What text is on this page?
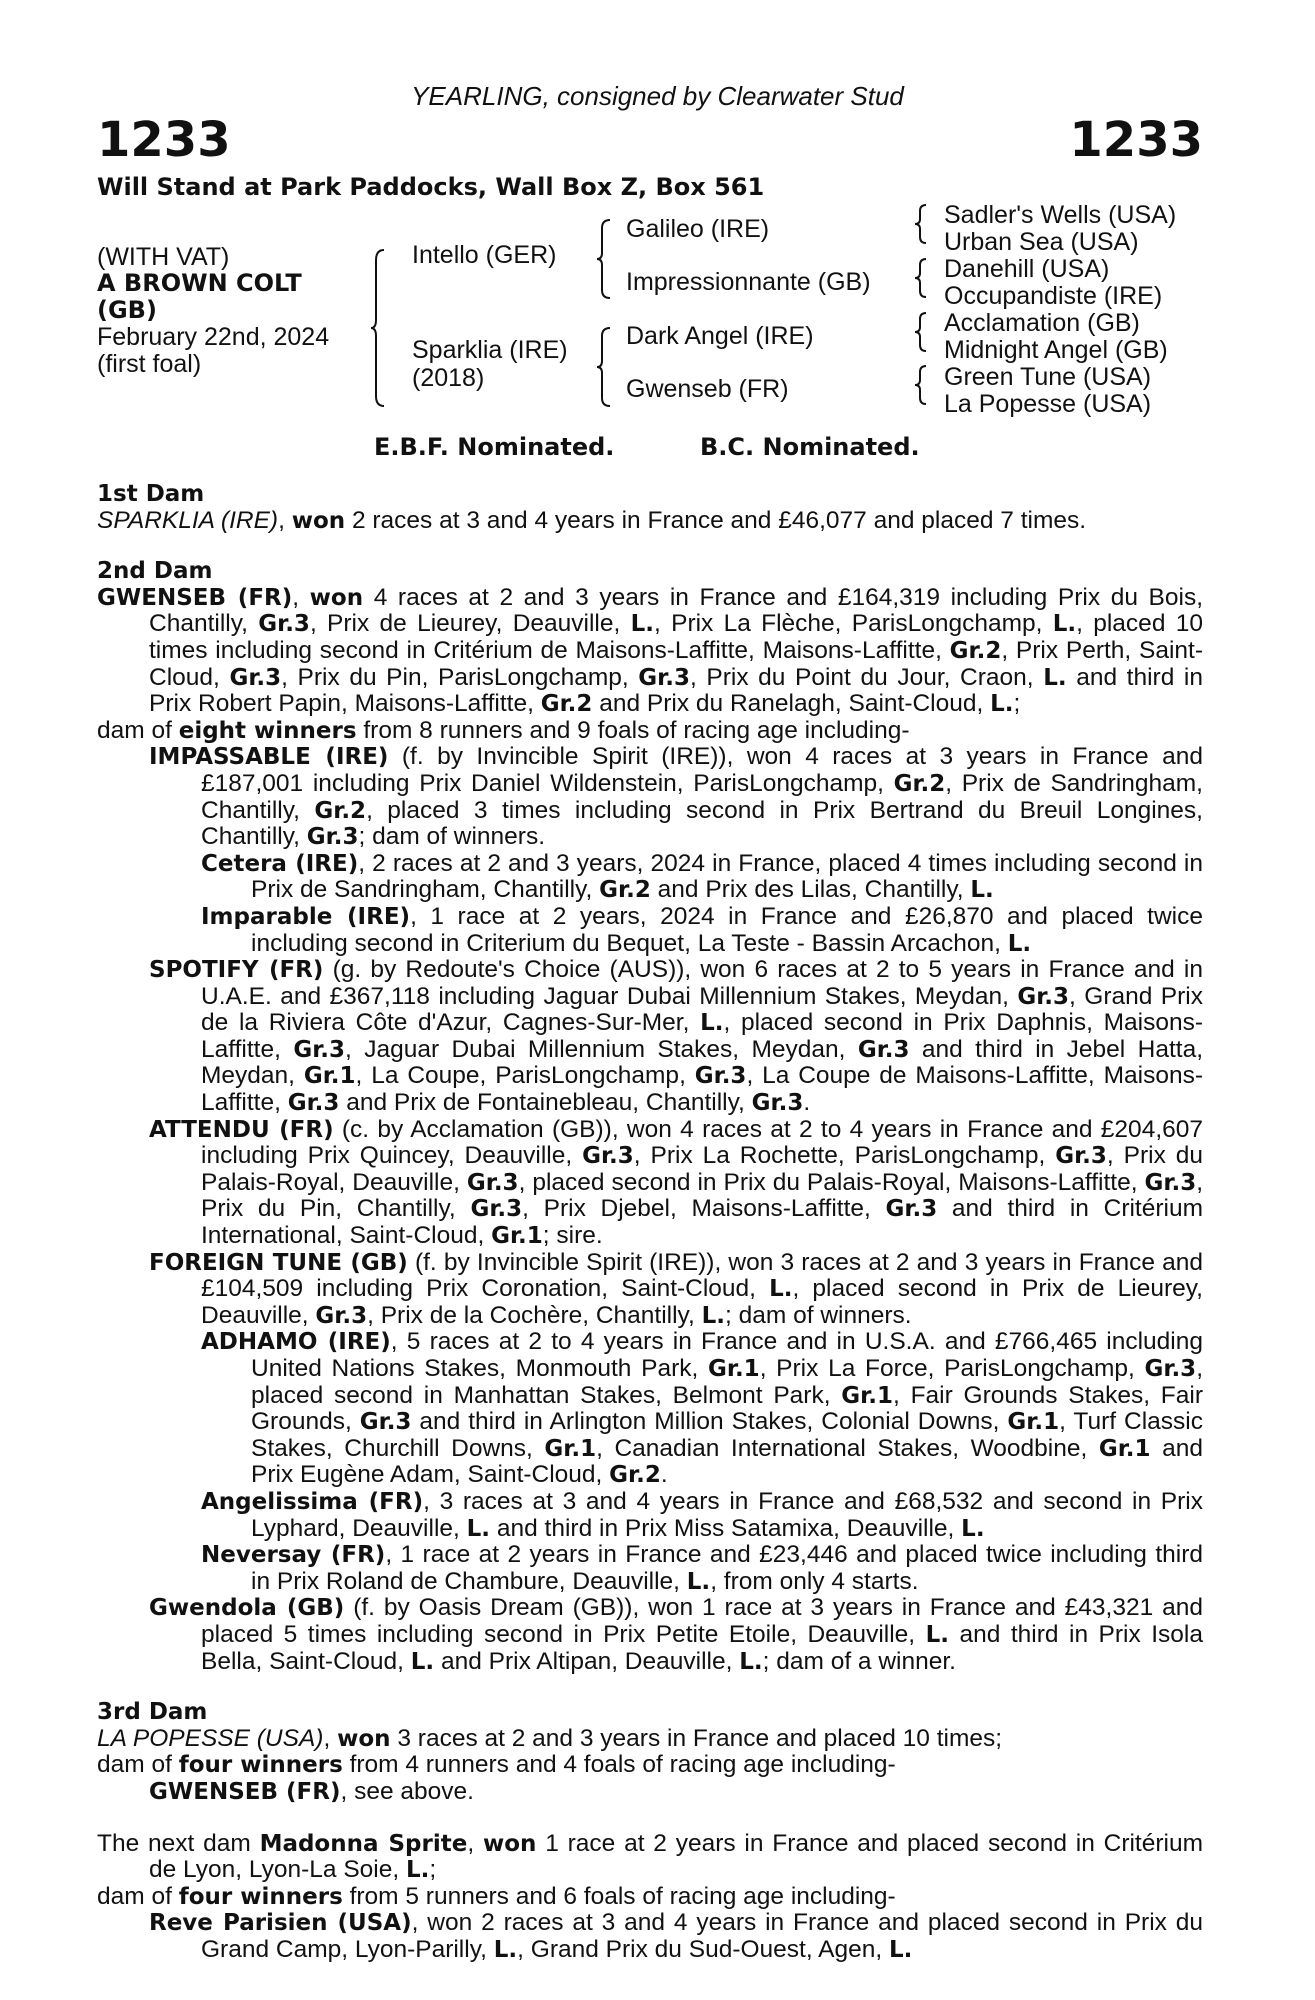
YEARLING, consigned by Clearwater Stud
1233	1233
Will Stand at Park Paddocks, Wall Box Z, Box 561
(WITH VAT)
A BROWN COLT
(GB)
February 22nd, 2024
(first foal)
Intello (GER)
Sparklia (IRE)
(2018)
Galileo (IRE)
Impressionnante (GB)
Dark Angel (IRE)
Gwenseb (FR)
Sadler's Wells (USA)
Urban Sea (USA)
Danehill (USA)
Occupandiste (IRE)
Acclamation (GB)
Midnight Angel (GB)
Green Tune (USA)
La Popesse (USA)
E.B.F. Nominated.	B.C. Nominated.
1st Dam
SPARKLIA (IRE), won 2 races at 3 and 4 years in France and £46,077 and placed 7 times.
2nd Dam
GWENSEB (FR), won 4 races at 2 and 3 years in France and £164,319 including Prix du Bois, Chantilly, Gr.3, Prix de Lieurey, Deauville, L., Prix La Flèche, ParisLongchamp, L., placed 10 times including second in Critérium de Maisons-Laffitte, Maisons-Laffitte, Gr.2, Prix Perth, Saint-Cloud, Gr.3, Prix du Pin, ParisLongchamp, Gr.3, Prix du Point du Jour, Craon, L. and third in Prix Robert Papin, Maisons-Laffitte, Gr.2 and Prix du Ranelagh, Saint-Cloud, L.;
dam of eight winners from 8 runners and 9 foals of racing age including-
IMPASSABLE (IRE) (f. by Invincible Spirit (IRE)), won 4 races at 3 years in France and £187,001 including Prix Daniel Wildenstein, ParisLongchamp, Gr.2, Prix de Sandringham, Chantilly, Gr.2, placed 3 times including second in Prix Bertrand du Breuil Longines, Chantilly, Gr.3; dam of winners.
Cetera (IRE), 2 races at 2 and 3 years, 2024 in France, placed 4 times including second in Prix de Sandringham, Chantilly, Gr.2 and Prix des Lilas, Chantilly, L.
Imparable (IRE), 1 race at 2 years, 2024 in France and £26,870 and placed twice including second in Criterium du Bequet, La Teste - Bassin Arcachon, L.
SPOTIFY (FR) (g. by Redoute's Choice (AUS)), won 6 races at 2 to 5 years in France and in U.A.E. and £367,118 including Jaguar Dubai Millennium Stakes, Meydan, Gr.3, Grand Prix de la Riviera Côte d'Azur, Cagnes-Sur-Mer, L., placed second in Prix Daphnis, Maisons-Laffitte, Gr.3, Jaguar Dubai Millennium Stakes, Meydan, Gr.3 and third in Jebel Hatta, Meydan, Gr.1, La Coupe, ParisLongchamp, Gr.3, La Coupe de Maisons-Laffitte, Maisons-Laffitte, Gr.3 and Prix de Fontainebleau, Chantilly, Gr.3.
ATTENDU (FR) (c. by Acclamation (GB)), won 4 races at 2 to 4 years in France and £204,607 including Prix Quincey, Deauville, Gr.3, Prix La Rochette, ParisLongchamp, Gr.3, Prix du Palais-Royal, Deauville, Gr.3, placed second in Prix du Palais-Royal, Maisons-Laffitte, Gr.3, Prix du Pin, Chantilly, Gr.3, Prix Djebel, Maisons-Laffitte, Gr.3 and third in Critérium International, Saint-Cloud, Gr.1; sire.
FOREIGN TUNE (GB) (f. by Invincible Spirit (IRE)), won 3 races at 2 and 3 years in France and £104,509 including Prix Coronation, Saint-Cloud, L., placed second in Prix de Lieurey, Deauville, Gr.3, Prix de la Cochère, Chantilly, L.; dam of winners.
ADHAMO (IRE), 5 races at 2 to 4 years in France and in U.S.A. and £766,465 including United Nations Stakes, Monmouth Park, Gr.1, Prix La Force, ParisLongchamp, Gr.3, placed second in Manhattan Stakes, Belmont Park, Gr.1, Fair Grounds Stakes, Fair Grounds, Gr.3 and third in Arlington Million Stakes, Colonial Downs, Gr.1, Turf Classic Stakes, Churchill Downs, Gr.1, Canadian International Stakes, Woodbine, Gr.1 and Prix Eugène Adam, Saint-Cloud, Gr.2.
Angelissima (FR), 3 races at 3 and 4 years in France and £68,532 and second in Prix Lyphard, Deauville, L. and third in Prix Miss Satamixa, Deauville, L.
Neversay (FR), 1 race at 2 years in France and £23,446 and placed twice including third in Prix Roland de Chambure, Deauville, L., from only 4 starts.
Gwendola (GB) (f. by Oasis Dream (GB)), won 1 race at 3 years in France and £43,321 and placed 5 times including second in Prix Petite Etoile, Deauville, L. and third in Prix Isola Bella, Saint-Cloud, L. and Prix Altipan, Deauville, L.; dam of a winner.
3rd Dam
LA POPESSE (USA), won 3 races at 2 and 3 years in France and placed 10 times;
dam of four winners from 4 runners and 4 foals of racing age including-
GWENSEB (FR), see above.
The next dam Madonna Sprite, won 1 race at 2 years in France and placed second in Critérium de Lyon, Lyon-La Soie, L.;
dam of four winners from 5 runners and 6 foals of racing age including-
Reve Parisien (USA), won 2 races at 3 and 4 years in France and placed second in Prix du Grand Camp, Lyon-Parilly, L., Grand Prix du Sud-Ouest, Agen, L.
